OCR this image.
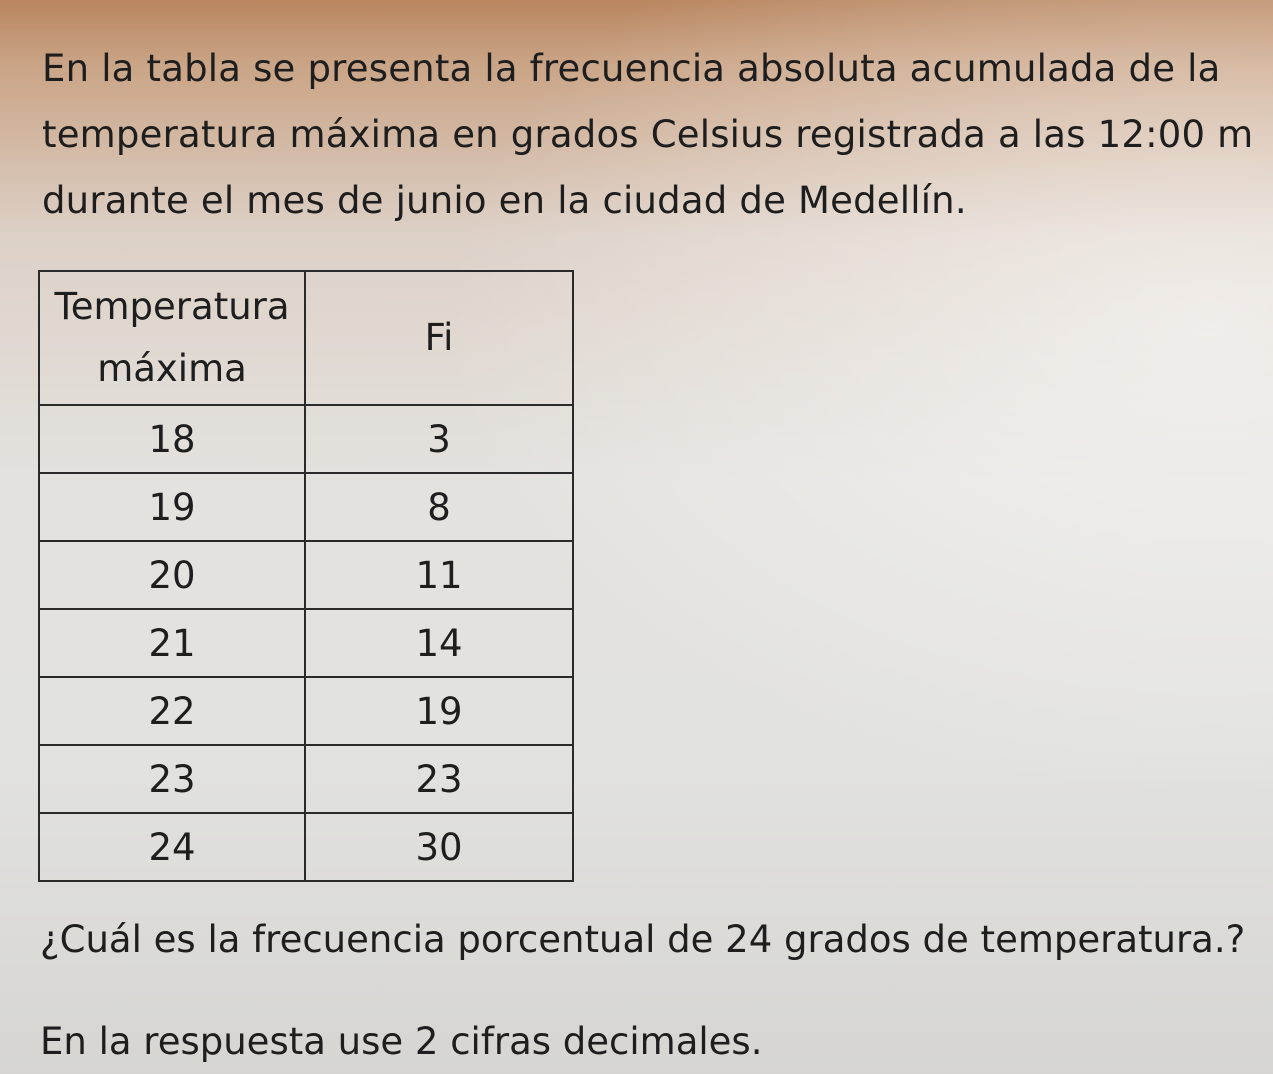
En la tabla se presenta la frecuencia absoluta acumulada de la
temperatura máxima en grados Celsius registrada a las 12:00 m
durante el mes de junio en la ciudad de Medellín.
Temperatura
máxima	Fi
18	3
19	8
20	11
21	14
22	19
23	23
24	30
¿Cuál es la frecuencia porcentual de 24 grados de temperatura.?
En la respuesta use 2 cifras decimales.
